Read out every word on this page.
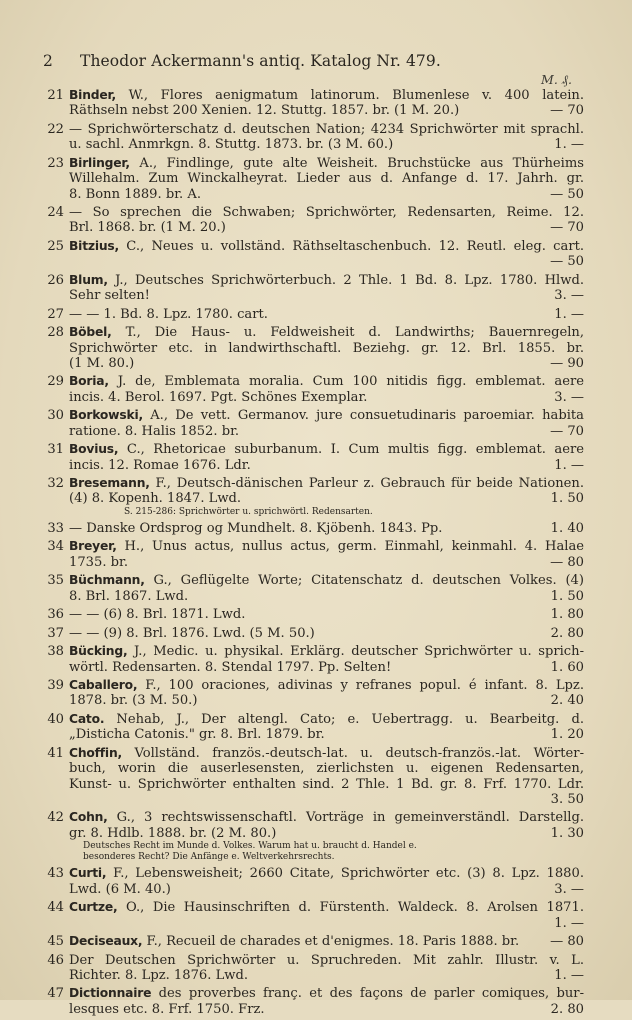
2 Theodor Ackermann's antiq. Katalog Nr. 479.
M. ₰.
21 Binder, W., Flores aenigmatum latinorum. Blumenlese v. 400 latein.
Räthseln nebst 200 Xenien. 12. Stuttg. 1857. br. (1 M. 20.)	— 70
22 — Sprichwörterschatz d. deutschen Nation; 4234 Sprichwörter mit sprachl.
u. sachl. Anmrkgn. 8. Stuttg. 1873. br. (3 M. 60.)	1. —
23 Birlinger, A., Findlinge, gute alte Weisheit. Bruchstücke aus Thürheims
Willehalm. Zum Winckalheyrat. Lieder aus d. Anfange d. 17. Jahrh. gr.
8. Bonn 1889. br. A.	— 50
24 — So sprechen die Schwaben; Sprichwörter, Redensarten, Reime. 12.
Brl. 1868. br. (1 M. 20.)	— 70
25 Bitzius, C., Neues u. vollständ. Räthseltaschenbuch. 12. Reutl. eleg. cart.
— 50
26 Blum, J., Deutsches Sprichwörterbuch. 2 Thle. 1 Bd. 8. Lpz. 1780. Hlwd.
Sehr selten!	3. —
27 — — 1. Bd. 8. Lpz. 1780. cart.	1. —
28 Böbel, T., Die Haus- u. Feldweisheit d. Landwirths; Bauernregeln,
Sprichwörter etc. in landwirthschaftl. Beziehg. gr. 12. Brl. 1855. br.
(1 M. 80.)	— 90
29 Boria, J. de, Emblemata moralia. Cum 100 nitidis figg. emblemat. aere
incis. 4. Berol. 1697. Pgt. Schönes Exemplar.	3. —
30 Borkowski, A., De vett. Germanov. jure consuetudinaris paroemiar. habita
ratione. 8. Halis 1852. br.	— 70
31 Bovius, C., Rhetoricae suburbanum. I. Cum multis figg. emblemat. aere
incis. 12. Romae 1676. Ldr.	1. —
32 Bresemann, F., Deutsch-dänischen Parleur z. Gebrauch für beide Nationen.
(4) 8. Kopenh. 1847. Lwd.	1. 50
S. 215-286: Sprichwörter u. sprichwörtl. Redensarten.
33 — Danske Ordsprog og Mundhelt. 8. Kjöbenh. 1843. Pp.	1. 40
34 Breyer, H., Unus actus, nullus actus, germ. Einmahl, keinmahl. 4. Halae
1735. br.	— 80
35 Büchmann, G., Geflügelte Worte; Citatenschatz d. deutschen Volkes. (4)
8. Brl. 1867. Lwd.	1. 50
36 — — (6) 8. Brl. 1871. Lwd.	1. 80
37 — — (9) 8. Brl. 1876. Lwd. (5 M. 50.)	2. 80
38 Bücking, J., Medic. u. physikal. Erklärg. deutscher Sprichwörter u. sprich-
wörtl. Redensarten. 8. Stendal 1797. Pp. Selten!	1. 60
39 Caballero, F., 100 oraciones, adivinas y refranes popul. é infant. 8. Lpz.
1878. br. (3 M. 50.)	2. 40
40 Cato. Nehab, J., Der altengl. Cato; e. Uebertragg. u. Bearbeitg. d.
„Disticha Catonis." gr. 8. Brl. 1879. br.	1. 20
41 Choffin, Vollständ. französ.-deutsch-lat. u. deutsch-französ.-lat. Wörter-
buch, worin die auserlesensten, zierlichsten u. eigenen Redensarten,
Kunst- u. Sprichwörter enthalten sind. 2 Thle. 1 Bd. gr. 8. Frf. 1770. Ldr.
3. 50
42 Cohn, G., 3 rechtswissenschaftl. Vorträge in gemeinverständl. Darstellg.
gr. 8. Hdlb. 1888. br. (2 M. 80.)	1. 30
Deutsches Recht im Munde d. Volkes. Warum hat u. braucht d. Handel e.
besonderes Recht? Die Anfänge e. Weltverkehrsrechts.
43 Curti, F., Lebensweisheit; 2660 Citate, Sprichwörter etc. (3) 8. Lpz. 1880.
Lwd. (6 M. 40.)	3. —
44 Curtze, O., Die Hausinschriften d. Fürstenth. Waldeck. 8. Arolsen 1871.
1. —
45 Deciseaux, F., Recueil de charades et d'enigmes. 18. Paris 1888. br.	— 80
46 Der Deutschen Sprichwörter u. Spruchreden. Mit zahlr. Illustr. v. L.
Richter. 8. Lpz. 1876. Lwd.	1. —
47 Dictionnaire des proverbes franç. et des façons de parler comiques, bur-
lesques etc. 8. Frf. 1750. Frz.	2. 80
